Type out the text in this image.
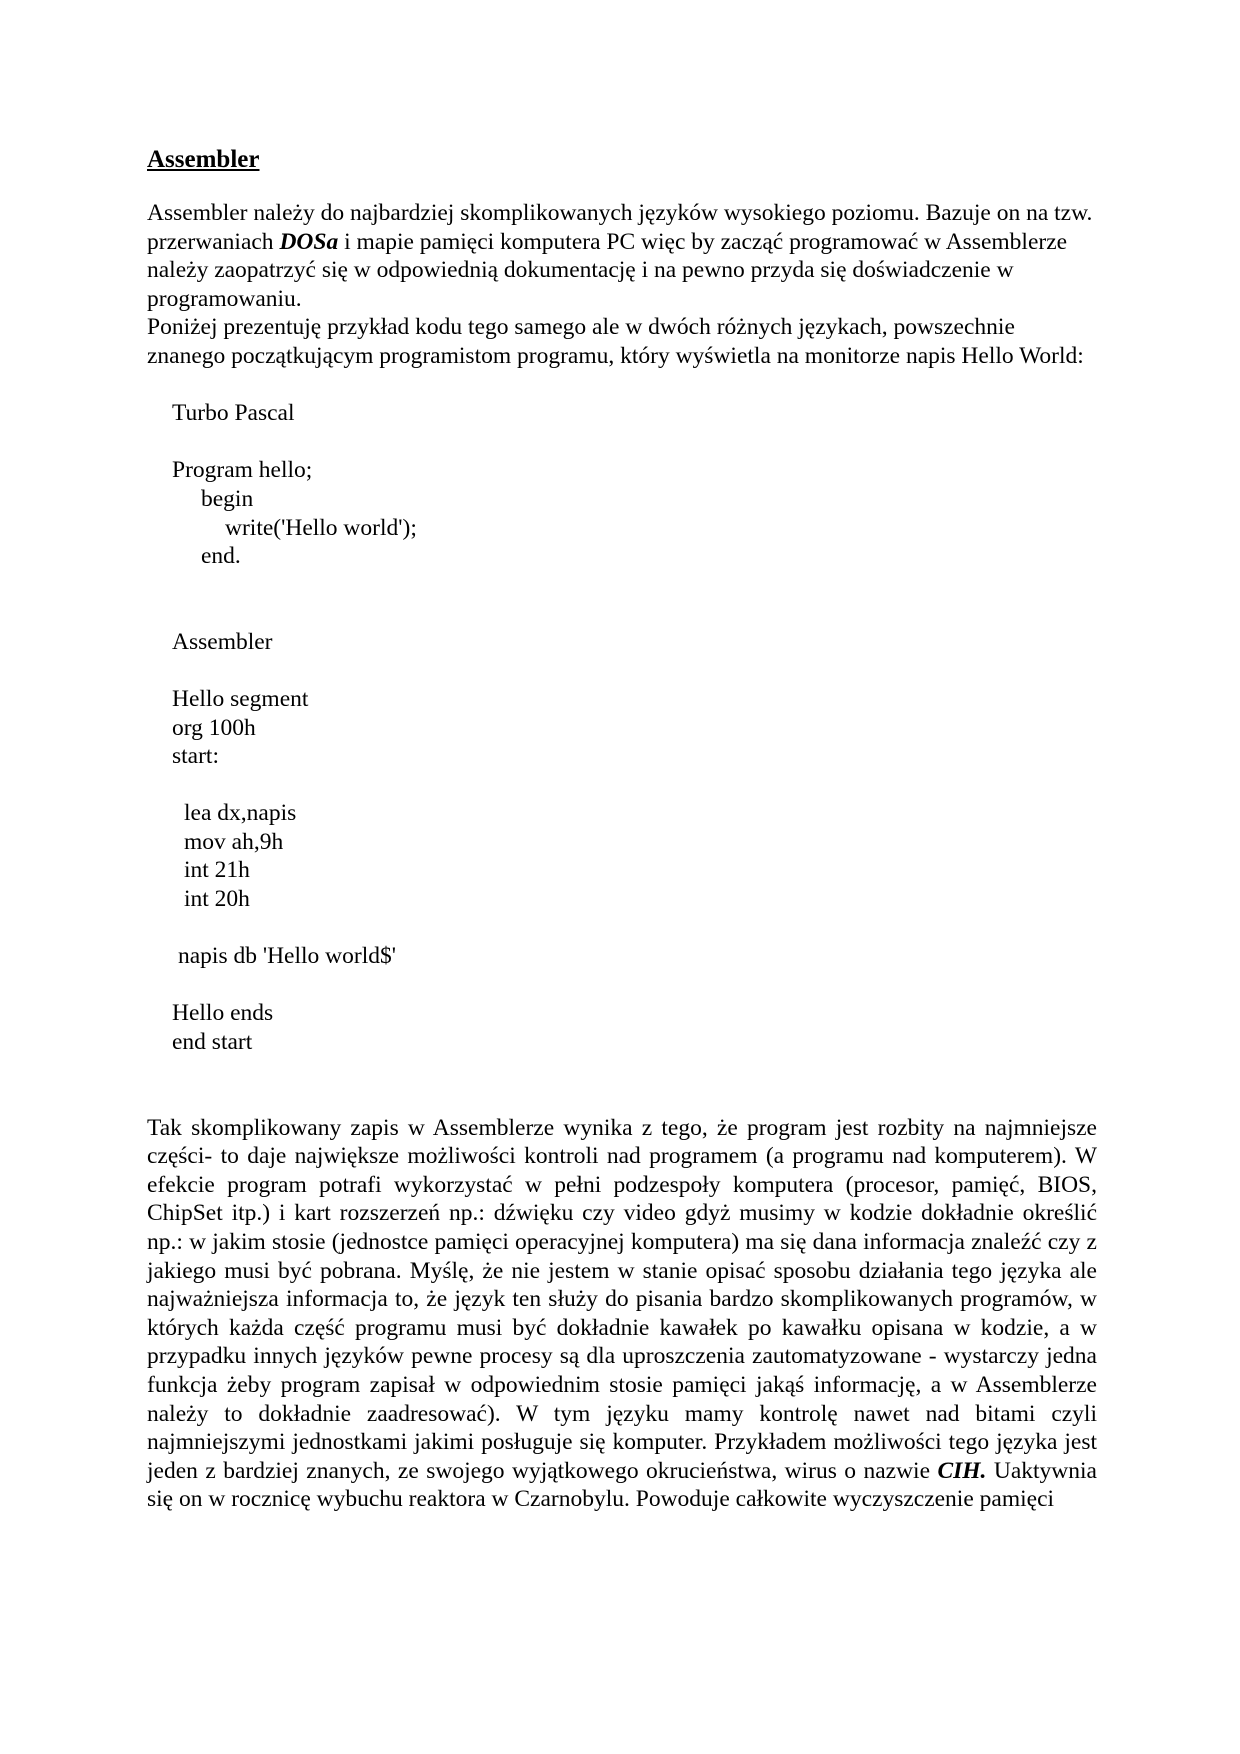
Assembler

Assembler należy do najbardziej skomplikowanych języków wysokiego poziomu. Bazuje on na tzw. przerwaniach DOSa i mapie pamięci komputera PC więc by zacząć programować w Assemblerze należy zaopatrzyć się w odpowiednią dokumentację i na pewno przyda się doświadczenie w programowaniu.

Poniżej prezentuję przykład kodu tego samego ale w dwóch różnych językach, powszechnie znanego początkującym programistom programu, który wyświetla na monitorze napis Hello World:

Turbo Pascal
Program hello;
begin
write('Hello world');
end.
Assembler
Hello segment
org 100h
start:
lea dx,napis
mov ah,9h
int 21h
int 20h
napis db 'Hello world$'
Hello ends
end start

Tak skomplikowany zapis w Assemblerze wynika z tego, że program jest rozbity na najmniejsze części- to daje największe możliwości kontroli nad programem (a programu nad komputerem). W efekcie program potrafi wykorzystać w pełni podzespoły komputera (procesor, pamięć, BIOS, ChipSet itp.) i kart rozszerzeń np.: dźwięku czy video gdyż musimy w kodzie dokładnie określić np.: w jakim stosie (jednostce pamięci operacyjnej komputera) ma się dana informacja znaleźć czy z jakiego musi być pobrana. Myślę, że nie jestem w stanie opisać sposobu działania tego języka ale najważniejsza informacja to, że język ten służy do pisania bardzo skomplikowanych programów, w których każda część programu musi być dokładnie kawałek po kawałku opisana w kodzie, a w przypadku innych języków pewne procesy są dla uproszczenia zautomatyzowane - wystarczy jedna funkcja żeby program zapisał w odpowiednim stosie pamięci jakąś informację, a w Assemblerze należy to dokładnie zaadresować). W tym języku mamy kontrolę nawet nad bitami czyli najmniejszymi jednostkami jakimi posługuje się komputer. Przykładem możliwości tego języka jest jeden z bardziej znanych, ze swojego wyjątkowego okrucieństwa, wirus o nazwie CIH. Uaktywnia się on w rocznicę wybuchu reaktora w Czarnobylu. Powoduje całkowite wyczyszczenie pamięci
